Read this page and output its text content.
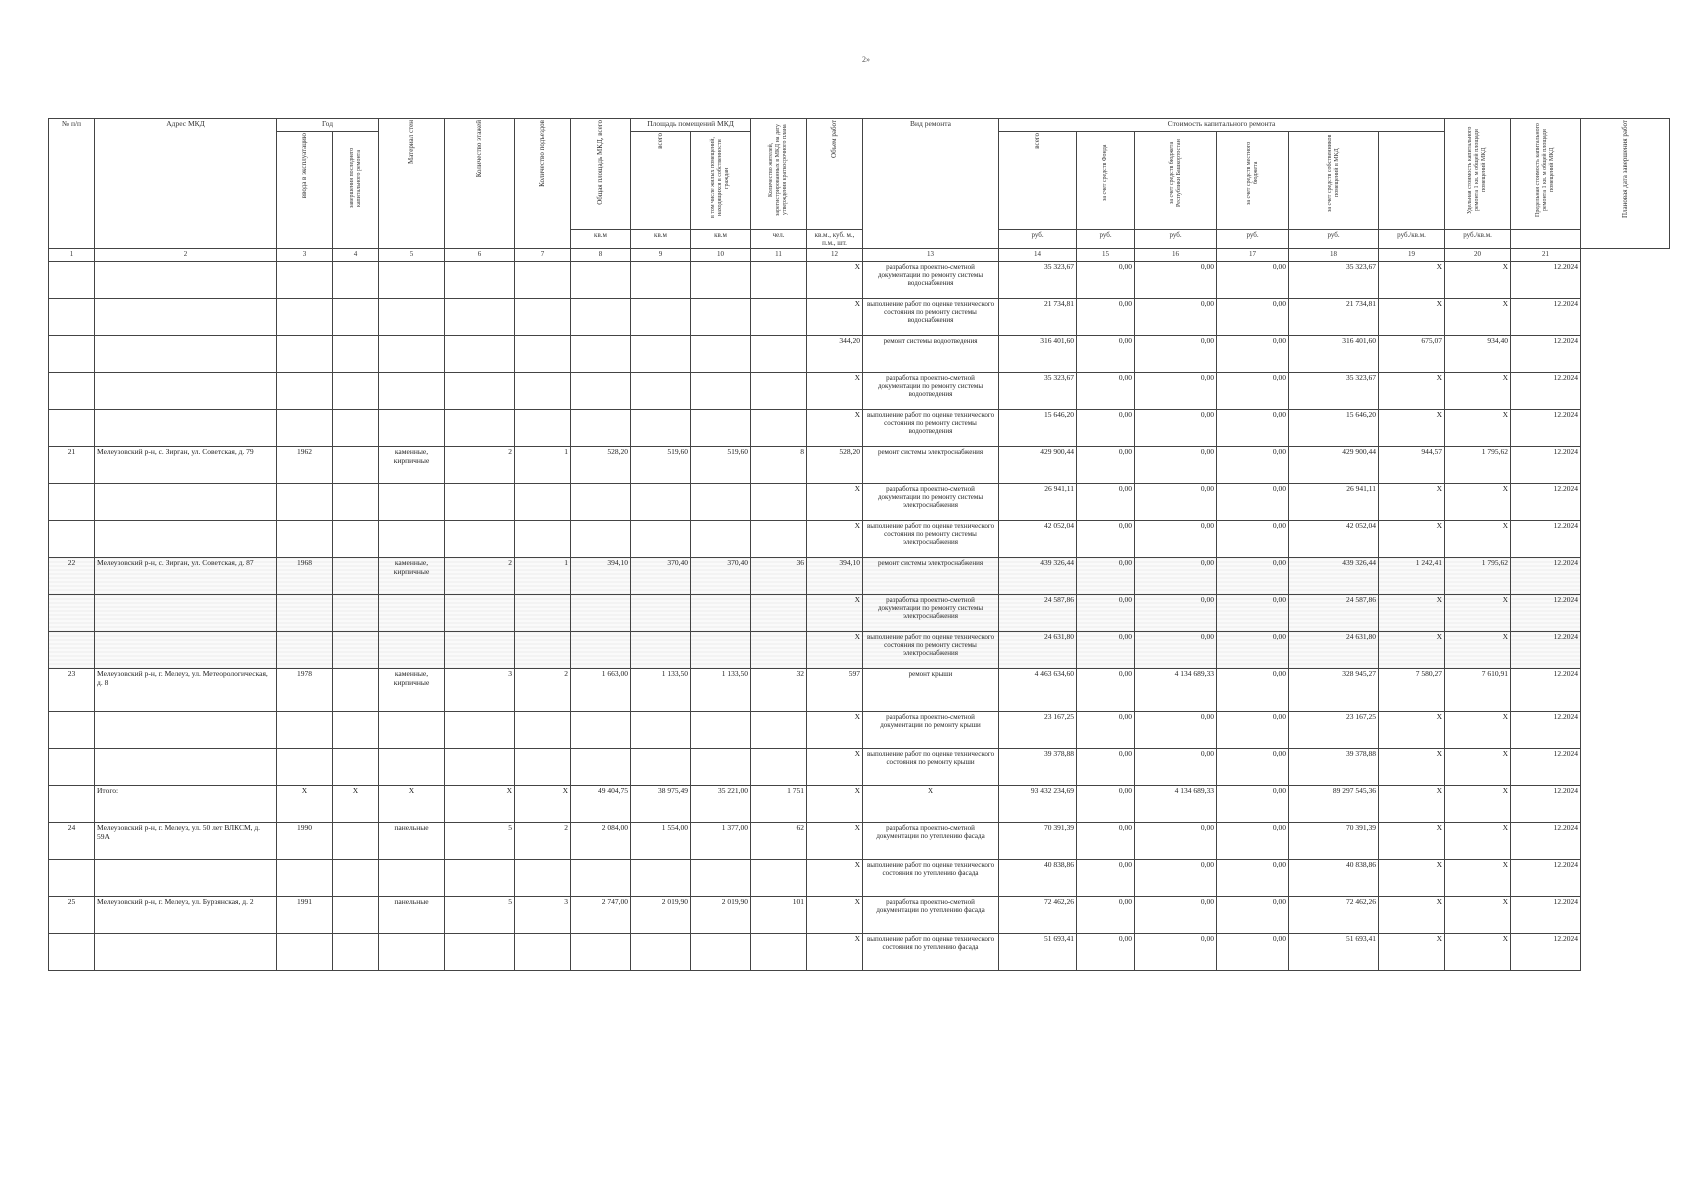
2»
№ п/п	Адрес МКД	Год		Материал стен	Количество этажей	Количество подъездов	Общая площадь МКД, всего	Площадь помещений МКД		Количество жителей, зарегистрированных в МКД на дату утверждения краткосрочного плана	Объем работ	Вид ремонта	Стоимость капитального ремонта						Удельная стоимость капитального ремонта 1 кв. м общей площади помещений МКД	Предельная стоимость капитального ремонта 1 кв. м общей площади помещений МКД	Плановая дата завершения работ

		ввода в эксплуатацию	завершения последнего капитального ремонта					всего	в том числе жилых помещений, находящихся в собственности граждан				всего	за счет средств Фонда	за счет средств бюджета Республики Башкортостан	за счет средств местного бюджета	за счет средств собственников помещений в МКД				

							кв.м	кв.м	кв.м	чел.	кв.м., куб. м., п.м., шт.		руб.	руб.	руб.	руб.	руб.	руб./кв.м.	руб./кв.м.		
1	2	3	4	5	6	7	8	9	10	11	12	13	14	15	16	17	18	19	20	21	
											X	разработка проектно-сметной документации по ремонту системы водоснабжения	35 323,67	0,00	0,00	0,00	35 323,67	X	X	12.2024	
											X	выполнение работ по оценке технического состояния по ремонту системы водоснабжения	21 734,81	0,00	0,00	0,00	21 734,81	X	X	12.2024	
											344,20	ремонт системы водоотведения	316 401,60	0,00	0,00	0,00	316 401,60	675,07	934,40	12.2024	
											X	разработка проектно-сметной документации по ремонту системы водоотведения	35 323,67	0,00	0,00	0,00	35 323,67	X	X	12.2024	
											X	выполнение работ по оценке технического состояния по ремонту системы водоотведения	15 646,20	0,00	0,00	0,00	15 646,20	X	X	12.2024	
21	Мелеузовский р-н, с. Зирган, ул. Советская, д. 79	1962		каменные, кирпичные	2	1	528,20	519,60	519,60	8	528,20	ремонт системы электроснабжения	429 900,44	0,00	0,00	0,00	429 900,44	944,57	1 795,62	12.2024	
											X	разработка проектно-сметной документации по ремонту системы электроснабжения	26 941,11	0,00	0,00	0,00	26 941,11	X	X	12.2024	
											X	выполнение работ по оценке технического состояния по ремонту системы электроснабжения	42 052,04	0,00	0,00	0,00	42 052,04	X	X	12.2024	
22	Мелеузовский р-н, с. Зирган, ул. Советская, д. 87	1968		каменные, кирпичные	2	1	394,10	370,40	370,40	36	394,10	ремонт системы электроснабжения	439 326,44	0,00	0,00	0,00	439 326,44	1 242,41	1 795,62	12.2024	
											X	разработка проектно-сметной документации по ремонту системы электроснабжения	24 587,86	0,00	0,00	0,00	24 587,86	X	X	12.2024	
											X	выполнение работ по оценке технического состояния по ремонту системы электроснабжения	24 631,80	0,00	0,00	0,00	24 631,80	X	X	12.2024	
23	Мелеузовский р-н, г. Мелеуз, ул. Метеорологическая, д. 8	1978		каменные, кирпичные	3	2	1 663,00	1 133,50	1 133,50	32	597	ремонт крыши	4 463 634,60	0,00	4 134 689,33	0,00	328 945,27	7 580,27	7 610,91	12.2024	
											X	разработка проектно-сметной документации по ремонту крыши	23 167,25	0,00	0,00	0,00	23 167,25	X	X	12.2024	
											X	выполнение работ по оценке технического состояния по ремонту крыши	39 378,88	0,00	0,00	0,00	39 378,88	X	X	12.2024	
	Итого:	X	X	X	X	X	49 404,75	38 975,49	35 221,00	1 751	X	X	93 432 234,69	0,00	4 134 689,33	0,00	89 297 545,36	X	X	12.2024	
24	Мелеузовский р-н, г. Мелеуз, ул. 50 лет ВЛКСМ, д. 59А	1990		панельные	5	2	2 084,00	1 554,00	1 377,00	62	X	разработка проектно-сметной документации по утеплению фасада	70 391,39	0,00	0,00	0,00	70 391,39	X	X	12.2024	
											X	выполнение работ по оценке технического состояния по утеплению фасада	40 838,86	0,00	0,00	0,00	40 838,86	X	X	12.2024	
25	Мелеузовский р-н, г. Мелеуз, ул. Бурзянская, д. 2	1991		панельные	5	3	2 747,00	2 019,90	2 019,90	101	X	разработка проектно-сметной документации по утеплению фасада	72 462,26	0,00	0,00	0,00	72 462,26	X	X	12.2024	
											X	выполнение работ по оценке технического состояния по утеплению фасада	51 693,41	0,00	0,00	0,00	51 693,41	X	X	12.2024	
